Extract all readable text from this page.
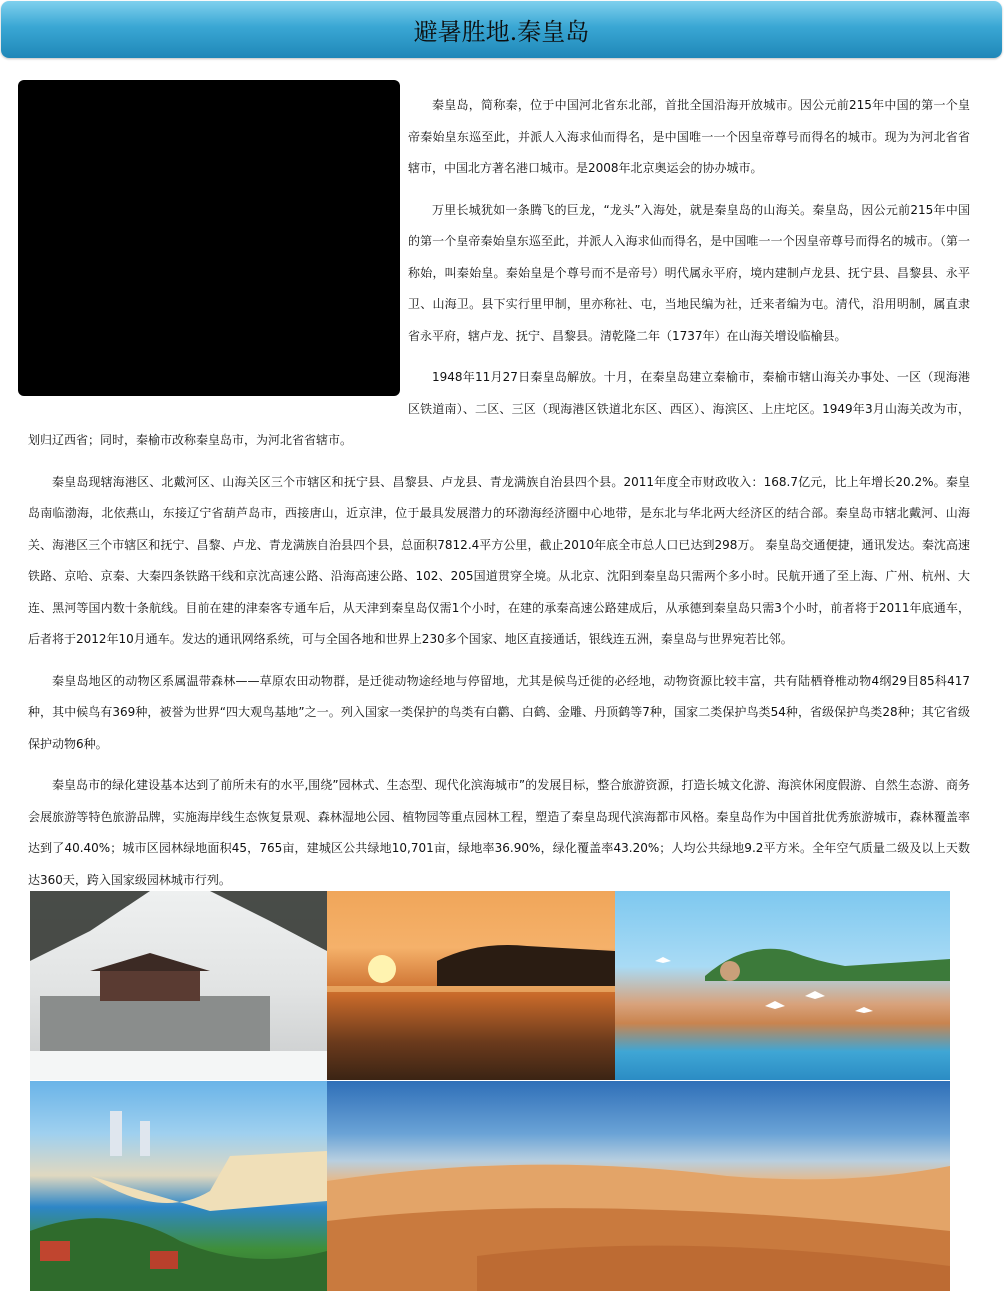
避暑胜地.秦皇岛

秦皇岛，简称秦，位于中国河北省东北部，首批全国沿海开放城市。因公元前215年中国的第一个皇帝秦始皇东巡至此，并派人入海求仙而得名，是中国唯一一个因皇帝尊号而得名的城市。现为为河北省省辖市，中国北方著名港口城市。是2008年北京奥运会的协办城市。

万里长城犹如一条腾飞的巨龙，“龙头”入海处，就是秦皇岛的山海关。秦皇岛，因公元前215年中国的第一个皇帝秦始皇东巡至此，并派人入海求仙而得名，是中国唯一一个因皇帝尊号而得名的城市。（第一称始，叫秦始皇。秦始皇是个尊号而不是帝号）明代属永平府，境内建制卢龙县、抚宁县、昌黎县、永平卫、山海卫。县下实行里甲制，里亦称社、屯，当地民编为社，迁来者编为屯。清代，沿用明制，属直隶省永平府，辖卢龙、抚宁、昌黎县。清乾隆二年（1737年）在山海关增设临榆县。

1948年11月27日秦皇岛解放。十月，在秦皇岛建立秦榆市，秦榆市辖山海关办事处、一区（现海港区铁道南）、二区、三区（现海港区铁道北东区、西区）、海滨区、上庄坨区。1949年3月山海关改为市，划归辽西省；同时，秦榆市改称秦皇岛市，为河北省省辖市。

秦皇岛现辖海港区、北戴河区、山海关区三个市辖区和抚宁县、昌黎县、卢龙县、青龙满族自治县四个县。2011年度全市财政收入：168.7亿元，比上年增长20.2%。秦皇岛南临渤海，北依燕山，东接辽宁省葫芦岛市，西接唐山，近京津，位于最具发展潜力的环渤海经济圈中心地带，是东北与华北两大经济区的结合部。秦皇岛市辖北戴河、山海关、海港区三个市辖区和抚宁、昌黎、卢龙、青龙满族自治县四个县，总面积7812.4平方公里，截止2010年底全市总人口已达到298万。 秦皇岛交通便捷，通讯发达。秦沈高速铁路、京哈、京秦、大秦四条铁路干线和京沈高速公路、沿海高速公路、102、205国道贯穿全境。从北京、沈阳到秦皇岛只需两个多小时。民航开通了至上海、广州、杭州、大连、黑河等国内数十条航线。目前在建的津秦客专通车后，从天津到秦皇岛仅需1个小时，在建的承秦高速公路建成后，从承德到秦皇岛只需3个小时，前者将于2011年底通车，后者将于2012年10月通车。发达的通讯网络系统，可与全国各地和世界上230多个国家、地区直接通话，银线连五洲，秦皇岛与世界宛若比邻。

秦皇岛地区的动物区系属温带森林——草原农田动物群，是迁徙动物途经地与停留地，尤其是候鸟迁徙的必经地，动物资源比较丰富，共有陆栖脊椎动物4纲29目85科417种，其中候鸟有369种，被誉为世界“四大观鸟基地”之一。列入国家一类保护的鸟类有白鹳、白鹤、金雕、丹顶鹤等7种，国家二类保护鸟类54种，省级保护鸟类28种；其它省级保护动物6种。

秦皇岛市的绿化建设基本达到了前所未有的水平,围绕”园林式、生态型、现代化滨海城市”的发展目标，整合旅游资源，打造长城文化游、海滨休闲度假游、自然生态游、商务会展旅游等特色旅游品牌，实施海岸线生态恢复景观、森林湿地公园、植物园等重点园林工程，塑造了秦皇岛现代滨海都市风格。秦皇岛作为中国首批优秀旅游城市，森林覆盖率达到了40.40%；城市区园林绿地面积45，765亩，建城区公共绿地10,701亩，绿地率36.90%，绿化覆盖率43.20%；人均公共绿地9.2平方米。全年空气质量二级及以上天数达360天，跨入国家级园林城市行列。
